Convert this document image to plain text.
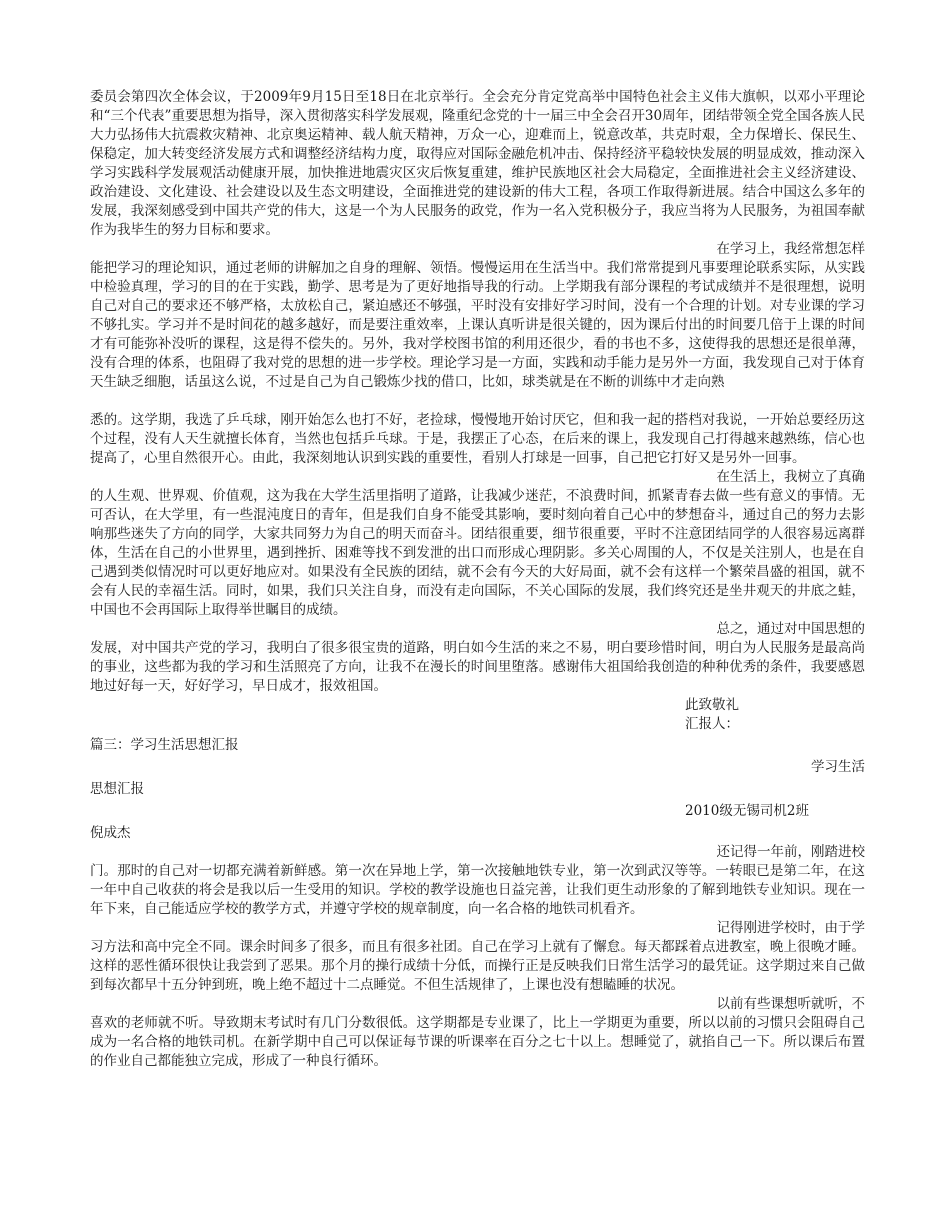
委员会第四次全体会议，于2009年9月15日至18日在北京举行。全会充分肯定党高举中国特色社会主义伟大旗帜，以邓小平理论和“三个代表”重要思想为指导，深入贯彻落实科学发展观，隆重纪念党的十一届三中全会召开30周年，团结带领全党全国各族人民大力弘扬伟大抗震救灾精神、北京奥运精神、载人航天精神，万众一心，迎难而上，锐意改革，共克时艰，全力保增长、保民生、保稳定，加大转变经济发展方式和调整经济结构力度，取得应对国际金融危机冲击、保持经济平稳较快发展的明显成效，推动深入学习实践科学发展观活动健康开展，加快推进地震灾区灾后恢复重建，维护民族地区社会大局稳定，全面推进社会主义经济建设、政治建设、文化建设、社会建设以及生态文明建设，全面推进党的建设新的伟大工程，各项工作取得新进展。结合中国这么多年的发展，我深刻感受到中国共产党的伟大，这是一个为人民服务的政党，作为一名入党积极分子，我应当将为人民服务，为祖国奉献作为我毕生的努力目标和要求。

在学习上，我经常想怎样

能把学习的理论知识，通过老师的讲解加之自身的理解、领悟。慢慢运用在生活当中。我们常常提到凡事要理论联系实际，从实践中检验真理，学习的目的在于实践，勤学、思考是为了更好地指导我的行动。上学期我有部分课程的考试成绩并不是很理想，说明自己对自己的要求还不够严格，太放松自己，紧迫感还不够强，平时没有安排好学习时间，没有一个合理的计划。对专业课的学习不够扎实。学习并不是时间花的越多越好，而是要注重效率，上课认真听讲是很关键的，因为课后付出的时间要几倍于上课的时间才有可能弥补没听的课程，这是得不偿失的。另外，我对学校图书馆的利用还很少，看的书也不多，这使得我的思想还是很单薄，没有合理的体系，也阻碍了我对党的思想的进一步学校。理论学习是一方面，实践和动手能力是另外一方面，我发现自己对于体育天生缺乏细胞，话虽这么说，不过是自己为自己锻炼少找的借口，比如，球类就是在不断的训练中才走向熟

悉的。这学期，我选了乒乓球，刚开始怎么也打不好，老捡球，慢慢地开始讨厌它，但和我一起的搭档对我说，一开始总要经历这个过程，没有人天生就擅长体育，当然也包括乒乓球。于是，我摆正了心态，在后来的课上，我发现自己打得越来越熟练，信心也提高了，心里自然很开心。由此，我深刻地认识到实践的重要性，看别人打球是一回事，自己把它打好又是另外一回事。

在生活上，我树立了真确

的人生观、世界观、价值观，这为我在大学生活里指明了道路，让我减少迷茫，不浪费时间，抓紧青春去做一些有意义的事情。无可否认，在大学里，有一些混沌度日的青年，但是我们自身不能受其影响，要时刻向着自己心中的梦想奋斗，通过自己的努力去影响那些迷失了方向的同学，大家共同努力为自己的明天而奋斗。团结很重要，细节很重要，平时不注意团结同学的人很容易远离群体，生活在自己的小世界里，遇到挫折、困难等找不到发泄的出口而形成心理阴影。多关心周围的人，不仅是关注别人，也是在自己遇到类似情况时可以更好地应对。如果没有全民族的团结，就不会有今天的大好局面，就不会有这样一个繁荣昌盛的祖国，就不会有人民的幸福生活。同时，如果，我们只关注自身，而没有走向国际，不关心国际的发展，我们终究还是坐井观天的井底之蛙，中国也不会再国际上取得举世瞩目的成绩。

总之，通过对中国思想的

发展，对中国共产党的学习，我明白了很多很宝贵的道路，明白如今生活的来之不易，明白要珍惜时间，明白为人民服务是最高尚的事业，这些都为我的学习和生活照亮了方向，让我不在漫长的时间里堕落。感谢伟大祖国给我创造的种种优秀的条件，我要感恩地过好每一天，好好学习，早日成才，报效祖国。

此致敬礼

汇报人：

篇三：学习生活思想汇报

学习生活

思想汇报

2010级无锡司机2班

倪成杰

还记得一年前，刚踏进校

门。那时的自己对一切都充满着新鲜感。第一次在异地上学，第一次接触地铁专业，第一次到武汉等等。一转眼已是第二年，在这一年中自己收获的将会是我以后一生受用的知识。学校的教学设施也日益完善，让我们更生动形象的了解到地铁专业知识。现在一年下来，自己能适应学校的教学方式，并遵守学校的规章制度，向一名合格的地铁司机看齐。

记得刚进学校时，由于学

习方法和高中完全不同。课余时间多了很多，而且有很多社团。自己在学习上就有了懈怠。每天都踩着点进教室，晚上很晚才睡。这样的恶性循环很快让我尝到了恶果。那个月的操行成绩十分低，而操行正是反映我们日常生活学习的最凭证。这学期过来自己做到每次都早十五分钟到班，晚上绝不超过十二点睡觉。不但生活规律了，上课也没有想瞌睡的状况。

以前有些课想听就听，不

喜欢的老师就不听。导致期末考试时有几门分数很低。这学期都是专业课了，比上一学期更为重要，所以以前的习惯只会阻碍自己成为一名合格的地铁司机。在新学期中自己可以保证每节课的听课率在百分之七十以上。想睡觉了，就掐自己一下。所以课后布置的作业自己都能独立完成，形成了一种良行循环。
